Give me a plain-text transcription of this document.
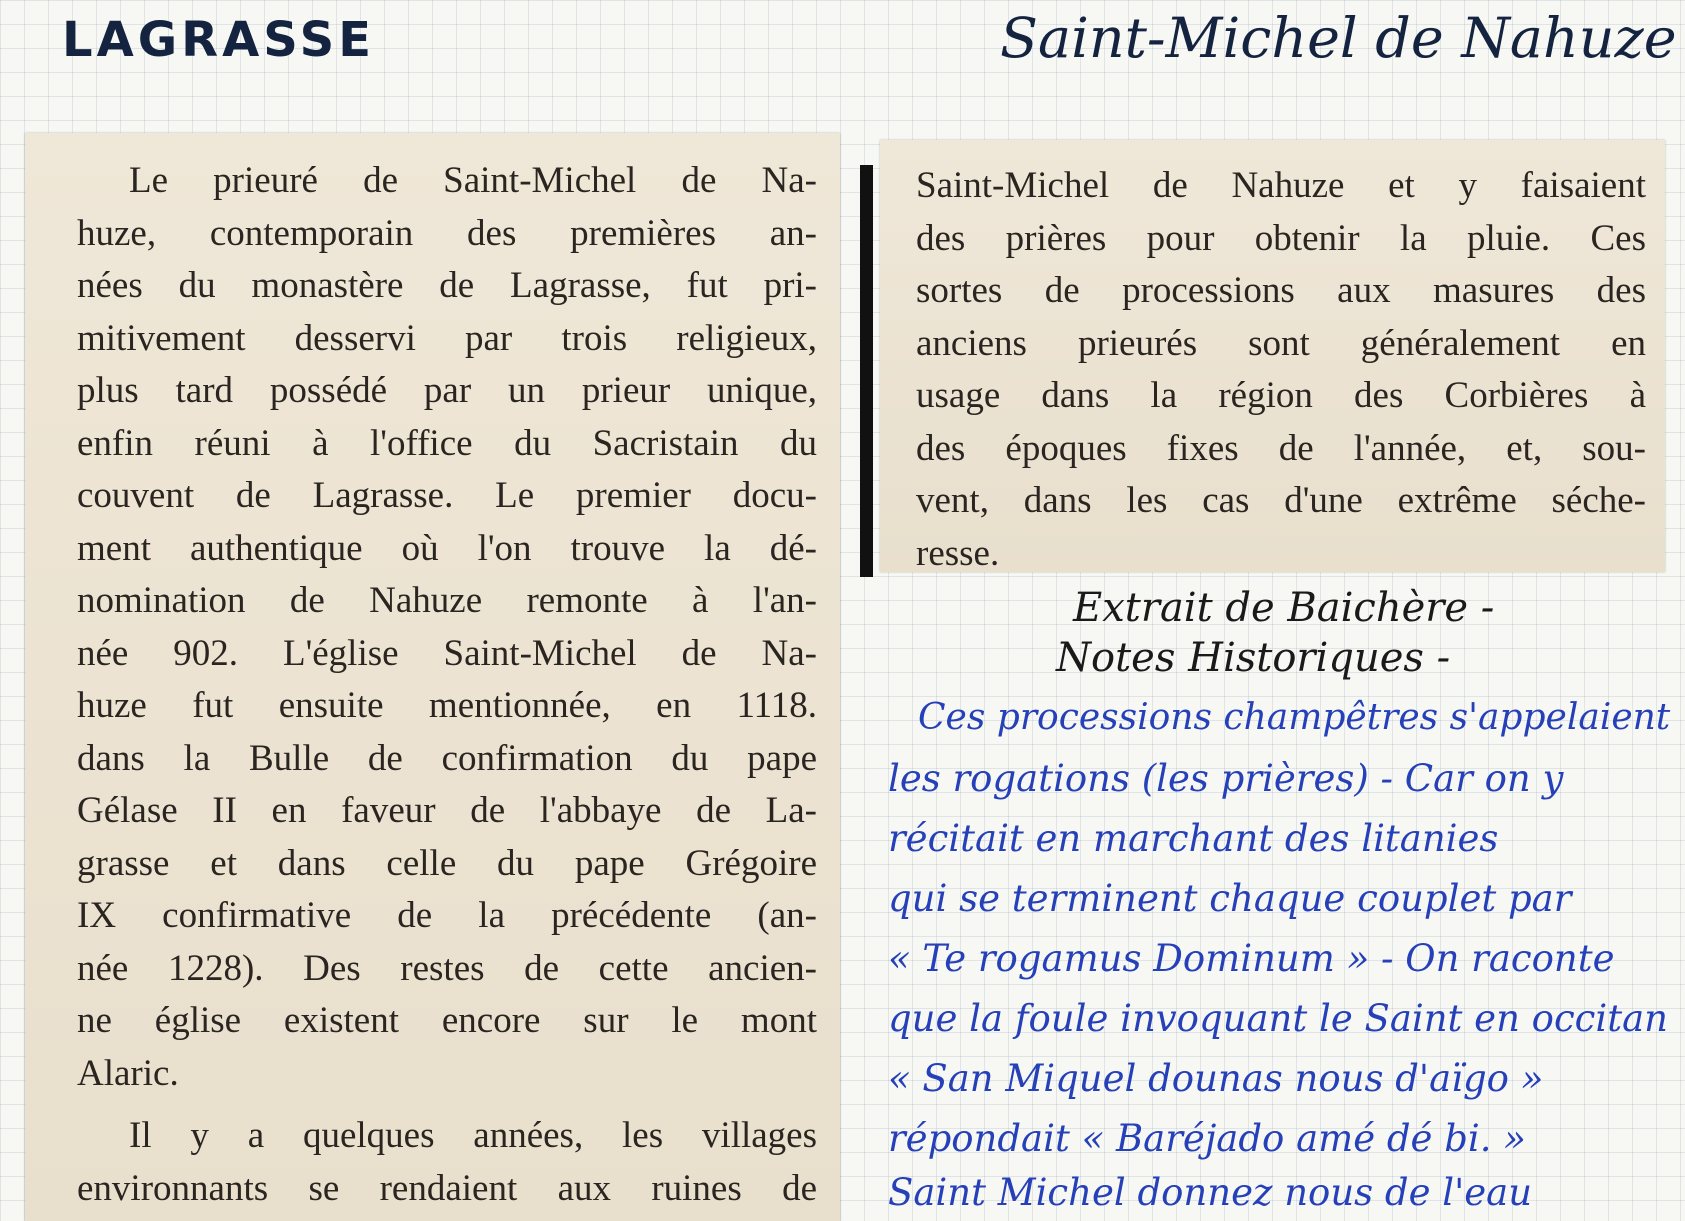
LAGRASSE	Saint-Michel de Nahuze
Le prieuré de Saint-Michel de Na-
huze, contemporain des premières an-
nées du monastère de Lagrasse, fut pri-
mitivement desservi par trois religieux,
plus tard possédé par un prieur unique,
enfin réuni à l'office du Sacristain du
couvent de Lagrasse. Le premier docu-
ment authentique où l'on trouve la dé-
nomination de Nahuze remonte à l'an-
née 902. L'église Saint-Michel de Na-
huze fut ensuite mentionnée, en 1118.
dans la Bulle de confirmation du pape
Gélase II en faveur de l'abbaye de La-
grasse et dans celle du pape Grégoire
IX confirmative de la précédente (an-
née 1228). Des restes de cette ancien-
ne église existent encore sur le mont
Alaric.
Il y a quelques années, les villages
environnants se rendaient aux ruines de
Saint-Michel de Nahuze et y faisaient
des prières pour obtenir la pluie. Ces
sortes de processions aux masures des
anciens prieurés sont généralement en
usage dans la région des Corbières à
des époques fixes de l'année, et, sou-
vent, dans les cas d'une extrême séche-
resse.
Extrait de Baichère -
Notes Historiques -
Ces processions champêtres s'appelaient
les rogations (les prières) - Car on y
récitait en marchant des litanies
qui se terminent chaque couplet par
« Te rogamus Dominum » - On raconte
que la foule invoquant le Saint en occitan
« San Miquel dounas nous d'aïgo »
répondait « Baréjado amé dé bi. »
Saint Michel donnez nous de l'eau
